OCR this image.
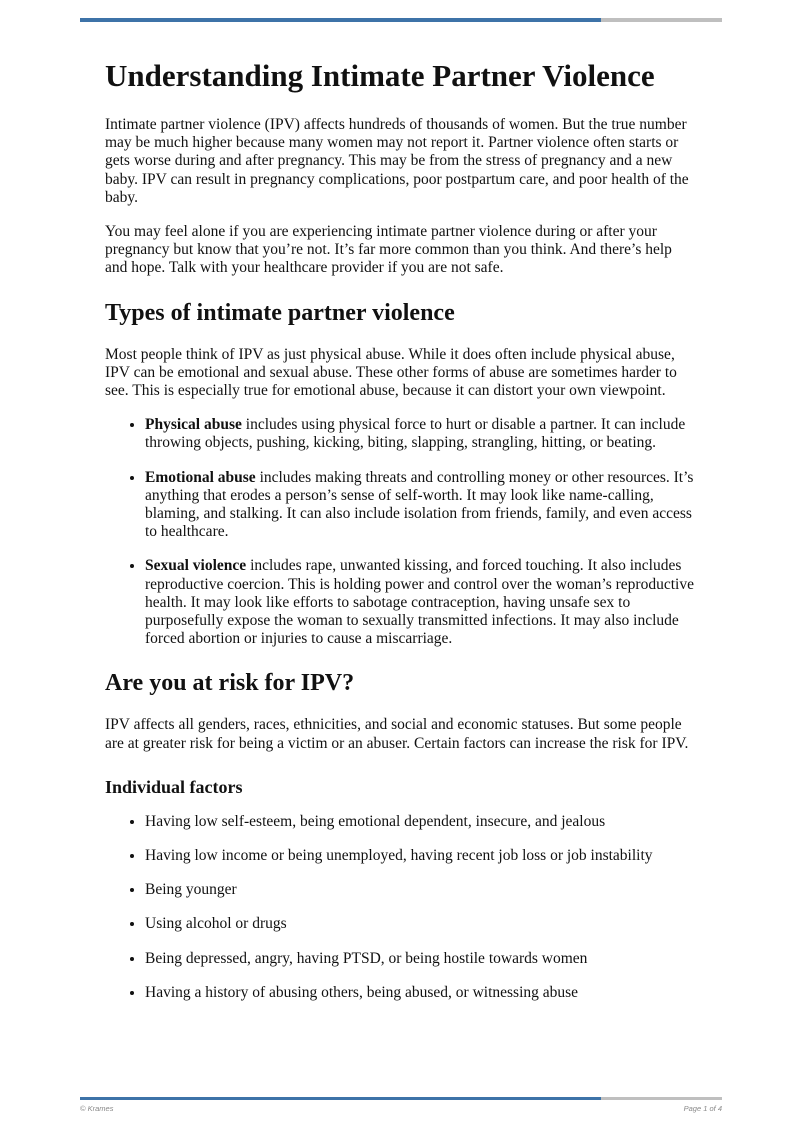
Understanding Intimate Partner Violence

Intimate partner violence (IPV) affects hundreds of thousands of women. But the true number may be much higher because many women may not report it. Partner violence often starts or gets worse during and after pregnancy. This may be from the stress of pregnancy and a new baby. IPV can result in pregnancy complications, poor postpartum care, and poor health of the baby.

You may feel alone if you are experiencing intimate partner violence during or after your pregnancy but know that you’re not. It’s far more common than you think. And there’s help and hope. Talk with your healthcare provider if you are not safe.

Types of intimate partner violence

Most people think of IPV as just physical abuse. While it does often include physical abuse, IPV can be emotional and sexual abuse. These other forms of abuse are sometimes harder to see. This is especially true for emotional abuse, because it can distort your own viewpoint.

• Physical abuse includes using physical force to hurt or disable a partner. It can include throwing objects, pushing, kicking, biting, slapping, strangling, hitting, or beating.
• Emotional abuse includes making threats and controlling money or other resources. It’s anything that erodes a person’s sense of self-worth. It may look like name-calling, blaming, and stalking. It can also include isolation from friends, family, and even access to healthcare.
• Sexual violence includes rape, unwanted kissing, and forced touching. It also includes reproductive coercion. This is holding power and control over the woman’s reproductive health. It may look like efforts to sabotage contraception, having unsafe sex to purposefully expose the woman to sexually transmitted infections. It may also include forced abortion or injuries to cause a miscarriage.
Are you at risk for IPV?

IPV affects all genders, races, ethnicities, and social and economic statuses. But some people are at greater risk for being a victim or an abuser. Certain factors can increase the risk for IPV.

Individual factors
• Having low self-esteem, being emotional dependent, insecure, and jealous
• Having low income or being unemployed, having recent job loss or job instability
• Being younger
• Using alcohol or drugs
• Being depressed, angry, having PTSD, or being hostile towards women
• Having a history of abusing others, being abused, or witnessing abuse
© Krames	Page 1 of 4
